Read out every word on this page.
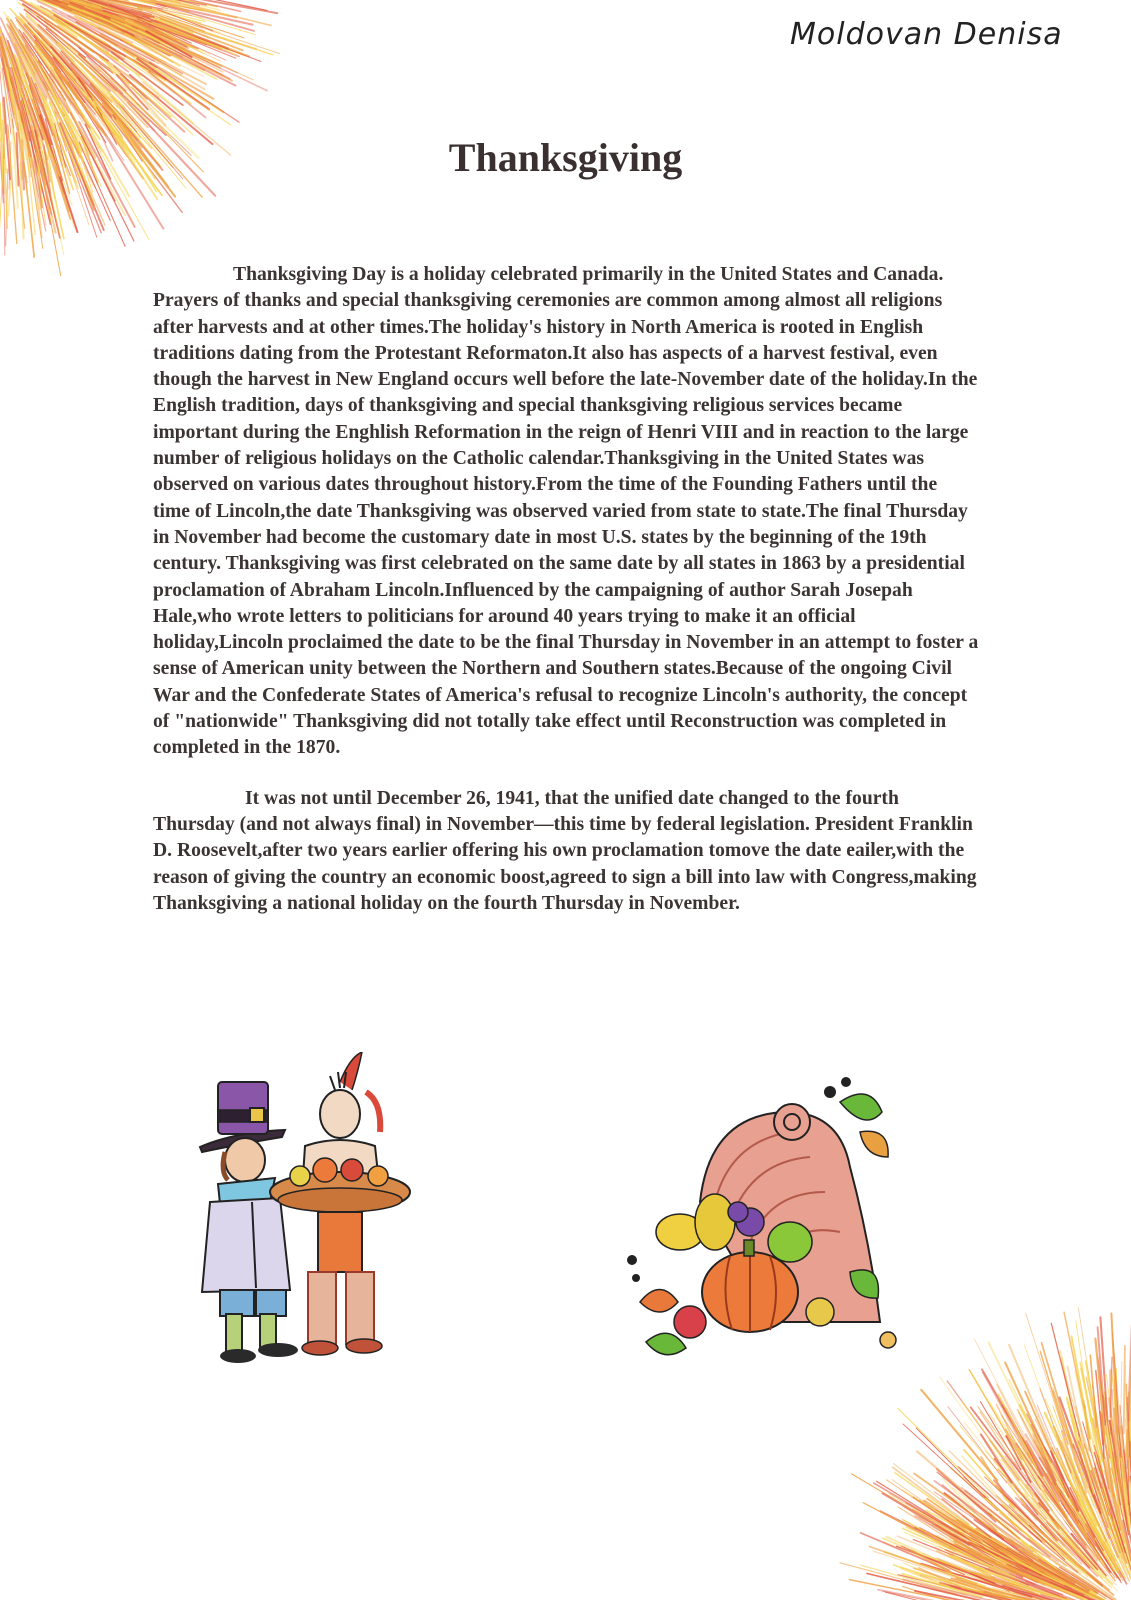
Moldovan Denisa
Thanksgiving

Thanksgiving Day is a holiday celebrated primarily in the United States and Canada. Prayers of thanks and special thanksgiving ceremonies are common among almost all religions after harvests and at other times.The holiday's history in North America is rooted in English traditions dating from the Protestant Reformaton.It also has aspects of a harvest festival, even though the harvest in New England occurs well before the late-November date of the holiday.In the English tradition, days of thanksgiving and special thanksgiving religious services became important during the Enghlish Reformation in the reign of Henri VIII and in reaction to the large number of religious holidays on the Catholic calendar.Thanksgiving in the United States was observed on various dates throughout history.From the time of the Founding Fathers until the time of Lincoln,the date Thanksgiving was observed varied from state to state.The final Thursday in November had become the customary date in most U.S. states by the beginning of the 19th century. Thanksgiving was first celebrated on the same date by all states in 1863 by a presidential proclamation of Abraham Lincoln.Influenced by the campaigning of author Sarah Josepah Hale,who wrote letters to politicians for around 40 years trying to make it an official holiday,Lincoln proclaimed the date to be the final Thursday in November in an attempt to foster a sense of American unity between the Northern and Southern states.Because of the ongoing Civil War and the Confederate States of America's refusal to recognize Lincoln's authority, the concept of "nationwide" Thanksgiving did not totally take effect until Reconstruction was completed in completed in the 1870.

It was not until December 26, 1941, that the unified date changed to the fourth Thursday (and not always final) in November—this time by federal legislation. President Franklin D. Roosevelt,after two years earlier offering his own proclamation tomove the date eailer,with the reason of giving the country an economic boost,agreed to sign a bill into law with Congress,making Thanksgiving a national holiday on the fourth Thursday in November.
